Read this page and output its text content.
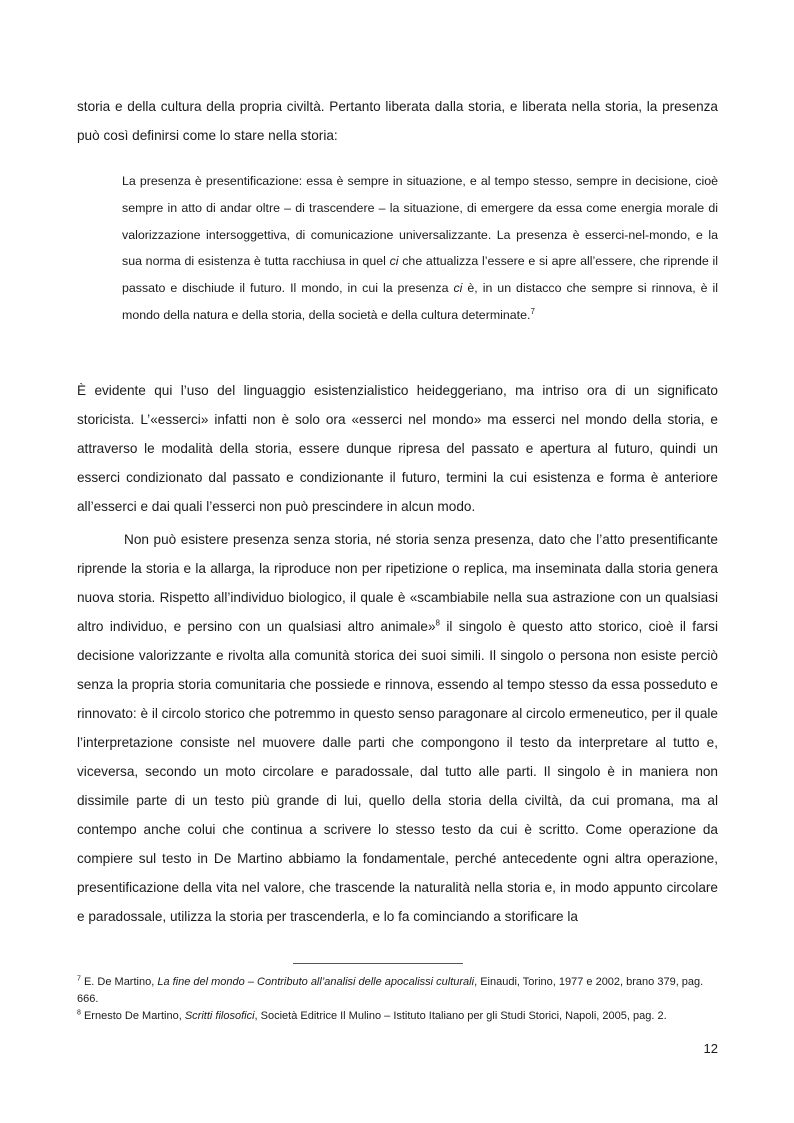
storia e della cultura della propria civiltà. Pertanto liberata dalla storia, e liberata nella storia, la presenza può così definirsi come lo stare nella storia:

La presenza è presentificazione: essa è sempre in situazione, e al tempo stesso, sempre in decisione, cioè sempre in atto di andar oltre – di trascendere – la situazione, di emergere da essa come energia morale di valorizzazione intersoggettiva, di comunicazione universalizzante. La presenza è esserci-nel-mondo, e la sua norma di esistenza è tutta racchiusa in quel ci che attualizza l’essere e si apre all’essere, che riprende il passato e dischiude il futuro. Il mondo, in cui la presenza ci è, in un distacco che sempre si rinnova, è il mondo della natura e della storia, della società e della cultura determinate.$^7$

È evidente qui l’uso del linguaggio esistenzialistico heideggeriano, ma intriso ora di un significato storicista. L’«esserci» infatti non è solo ora «esserci nel mondo» ma esserci nel mondo della storia, e attraverso le modalità della storia, essere dunque ripresa del passato e apertura al futuro, quindi un esserci condizionato dal passato e condizionante il futuro, termini la cui esistenza e forma è anteriore all’esserci e dai quali l’esserci non può prescindere in alcun modo.

Non può esistere presenza senza storia, né storia senza presenza, dato che l’atto presentificante riprende la storia e la allarga, la riproduce non per ripetizione o replica, ma inseminata dalla storia genera nuova storia. Rispetto all’individuo biologico, il quale è «scambiabile nella sua astrazione con un qualsiasi altro individuo, e persino con un qualsiasi altro animale»$^8$ il singolo è questo atto storico, cioè il farsi decisione valorizzante e rivolta alla comunità storica dei suoi simili. Il singolo o persona non esiste perciò senza la propria storia comunitaria che possiede e rinnova, essendo al tempo stesso da essa posseduto e rinnovato: è il circolo storico che potremmo in questo senso paragonare al circolo ermeneutico, per il quale l’interpretazione consiste nel muovere dalle parti che compongono il testo da interpretare al tutto e, viceversa, secondo un moto circolare e paradossale, dal tutto alle parti. Il singolo è in maniera non dissimile parte di un testo più grande di lui, quello della storia della civiltà, da cui promana, ma al contempo anche colui che continua a scrivere lo stesso testo da cui è scritto. Come operazione da compiere sul testo in De Martino abbiamo la fondamentale, perché antecedente ogni altra operazione, presentificazione della vita nel valore, che trascende la naturalità nella storia e, in modo appunto circolare e paradossale, utilizza la storia per trascenderla, e lo fa cominciando a storificare la

$^7$ E. De Martino, La fine del mondo – Contributo all’analisi delle apocalissi culturali, Einaudi, Torino, 1977 e 2002, brano 379, pag. 666.

$^8$ Ernesto De Martino, Scritti filosofici, Società Editrice Il Mulino – Istituto Italiano per gli Studi Storici, Napoli, 2005, pag. 2.

12
